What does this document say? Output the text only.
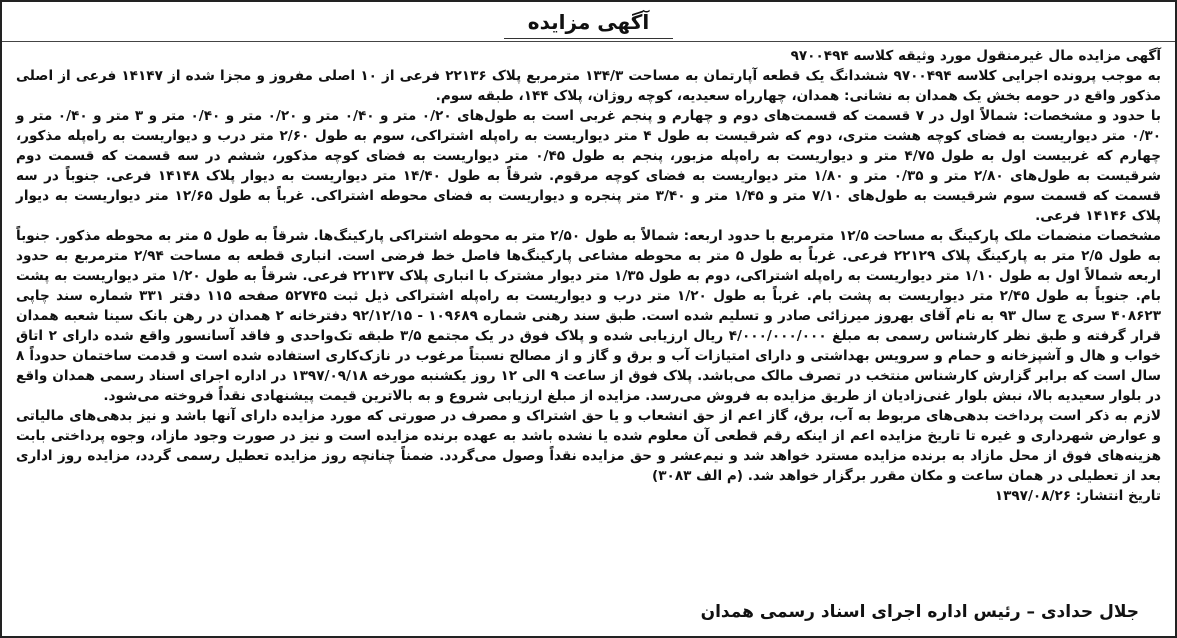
آگهی مزایده

آگهی مزایده مال غیرمنقول مورد وثیقه کلاسه ۹۷۰۰۴۹۴

به موجب پرونده اجرایی کلاسه ۹۷۰۰۴۹۴ ششدانگ یک قطعه آپارتمان به مساحت ۱۳۴/۳ مترمربع پلاک ۲۲۱۳۶ فرعی از ۱۰ اصلی مفروز و مجزا شده از ۱۴۱۴۷ فرعی از اصلی مذکور واقع در حومه بخش یک همدان به نشانی: همدان، چهارراه سعیدیه، کوچه روژان، پلاک ۱۴۴، طبقه سوم.

با حدود و مشخصات: شمالاً اول در ۷ قسمت که قسمت‌های دوم و چهارم و پنجم غربی است به طول‌های ۰/۲۰ متر و ۰/۴۰ متر و ۰/۲۰ متر و ۰/۴۰ متر و ۳ متر و ۰/۴۰ متر و ۰/۳۰ متر دیواریست به فضای کوچه هشت متری، دوم که شرقیست به طول ۴ متر دیواریست به راه‌پله اشتراکی، سوم به طول ۲/۶۰ متر درب و دیواریست به راه‌پله مذکور، چهارم که غربیست اول به طول ۴/۷۵ متر و دیواریست به راه‌پله مزبور، پنجم به طول ۰/۴۵ متر دیواریست به فضای کوچه مذکور، ششم در سه قسمت که قسمت دوم شرقیست به طول‌های ۲/۸۰ متر و ۰/۳۵ متر و ۱/۸۰ متر دیواریست به فضای کوچه مرقوم. شرقاً به طول ۱۴/۴۰ متر دیواریست به دیوار پلاک ۱۴۱۴۸ فرعی. جنوباً در سه قسمت که قسمت سوم شرقیست به طول‌های ۷/۱۰ متر و ۱/۴۵ متر و ۳/۴۰ متر پنجره و دیواریست به فضای محوطه اشتراکی. غرباً به طول ۱۲/۶۵ متر دیواریست به دیوار پلاک ۱۴۱۴۶ فرعی.

مشخصات منضمات ملک پارکینگ به مساحت ۱۲/۵ مترمربع با حدود اربعه: شمالاً به طول ۲/۵۰ متر به محوطه اشتراکی پارکینگ‌ها. شرقاً به طول ۵ متر به محوطه مذکور. جنوباً به طول ۲/۵ متر به پارکینگ پلاک ۲۲۱۲۹ فرعی. غرباً به طول ۵ متر به محوطه مشاعی پارکینگ‌ها فاصل خط فرضی است. انباری قطعه به مساحت ۲/۹۴ مترمربع به حدود اربعه شمالاً اول به طول ۱/۱۰ متر دیواریست به راه‌پله اشتراکی، دوم به طول ۱/۳۵ متر دیوار مشترک با انباری پلاک ۲۲۱۳۷ فرعی. شرقاً به طول ۱/۲۰ متر دیواریست به پشت بام. جنوباً به طول ۲/۴۵ متر دیواریست به پشت بام. غرباً به طول ۱/۲۰ متر درب و دیواریست به راه‌پله اشتراکی ذیل ثبت ۵۲۷۴۵ صفحه ۱۱۵ دفتر ۳۳۱ شماره سند چاپی ۴۰۸۶۲۳ سری ج سال ۹۳ به نام آقای بهروز میرزائی صادر و تسلیم شده است. طبق سند رهنی شماره ۱۰۹۶۸۹ - ۹۲/۱۲/۱۵ دفترخانه ۲ همدان در رهن بانک سینا شعبه همدان قرار گرفته و طبق نظر کارشناس رسمی به مبلغ ۴/۰۰۰/۰۰۰/۰۰۰ ریال ارزیابی شده و پلاک فوق در یک مجتمع ۳/۵ طبقه تک‌واحدی و فاقد آسانسور واقع شده دارای ۲ اتاق خواب و هال و آشپزخانه و حمام و سرویس بهداشتی و دارای امتیازات آب و برق و گاز و از مصالح نسبتاً مرغوب در نازک‌کاری استفاده شده است و قدمت ساختمان حدوداً ۸ سال است که برابر گزارش کارشناس منتخب در تصرف مالک می‌باشد. پلاک فوق از ساعت ۹ الی ۱۲ روز یکشنبه مورخه ۱۳۹۷/۰۹/۱۸ در اداره اجرای اسناد رسمی همدان واقع در بلوار سعیدیه بالا، نبش بلوار غنی‌زادیان از طریق مزایده به فروش می‌رسد. مزایده از مبلغ ارزیابی شروع و به بالاترین قیمت پیشنهادی نقداً فروخته می‌شود.

لازم به ذکر است پرداخت بدهی‌های مربوط به آب، برق، گاز اعم از حق انشعاب و یا حق اشتراک و مصرف در صورتی که مورد مزایده دارای آنها باشد و نیز بدهی‌های مالیاتی و عوارض شهرداری و غیره تا تاریخ مزایده اعم از اینکه رقم قطعی آن معلوم شده یا نشده باشد به عهده برنده مزایده است و نیز در صورت وجود مازاد، وجوه پرداختی بابت هزینه‌های فوق از محل مازاد به برنده مزایده مسترد خواهد شد و نیم‌عشر و حق مزایده نقداً وصول می‌گردد. ضمناً چنانچه روز مزایده تعطیل رسمی گردد، مزایده روز اداری بعد از تعطیلی در همان ساعت و مکان مقرر برگزار خواهد شد. (م الف ۳۰۸۳)

تاریخ انتشار: ۱۳۹۷/۰۸/۲۶
جلال حدادی – رئیس اداره اجرای اسناد رسمی همدان
